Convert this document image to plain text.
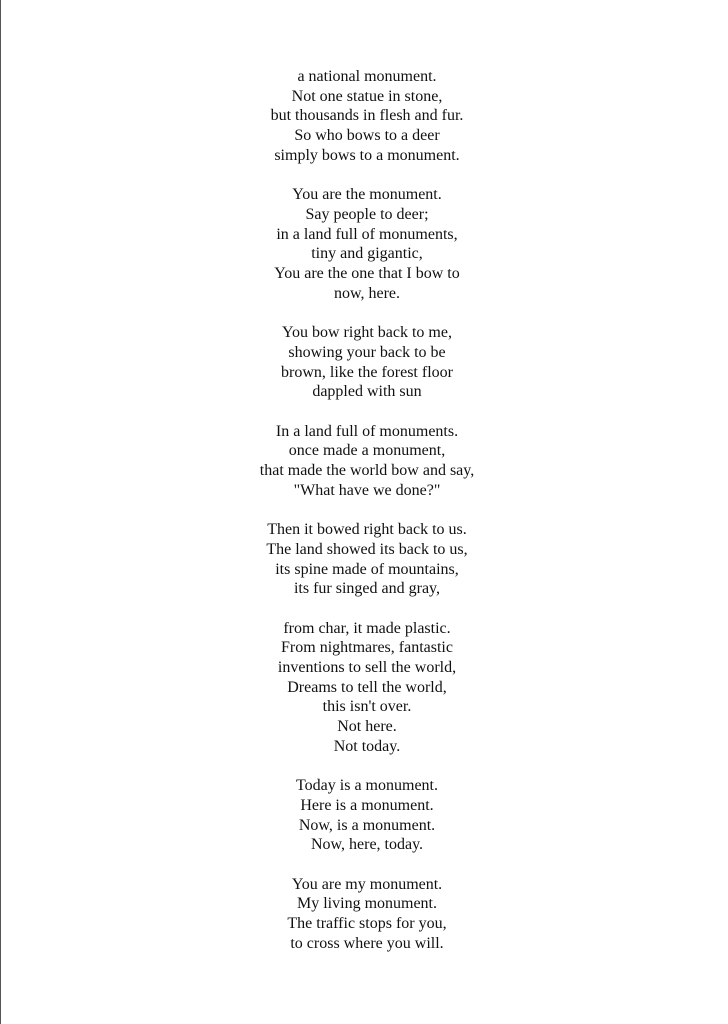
a national monument.
Not one statue in stone,
but thousands in flesh and fur.
So who bows to a deer
simply bows to a monument.
You are the monument.
Say people to deer;
in a land full of monuments,
tiny and gigantic,
You are the one that I bow to
now, here.
You bow right back to me,
showing your back to be
brown, like the forest floor
dappled with sun
In a land full of monuments.
once made a monument,
that made the world bow and say,
"What have we done?"
Then it bowed right back to us.
The land showed its back to us,
its spine made of mountains,
its fur singed and gray,
from char, it made plastic.
From nightmares, fantastic
inventions to sell the world,
Dreams to tell the world,
this isn't over.
Not here.
Not today.
Today is a monument.
Here is a monument.
Now, is a monument.
Now, here, today.
You are my monument.
My living monument.
The traffic stops for you,
to cross where you will.
